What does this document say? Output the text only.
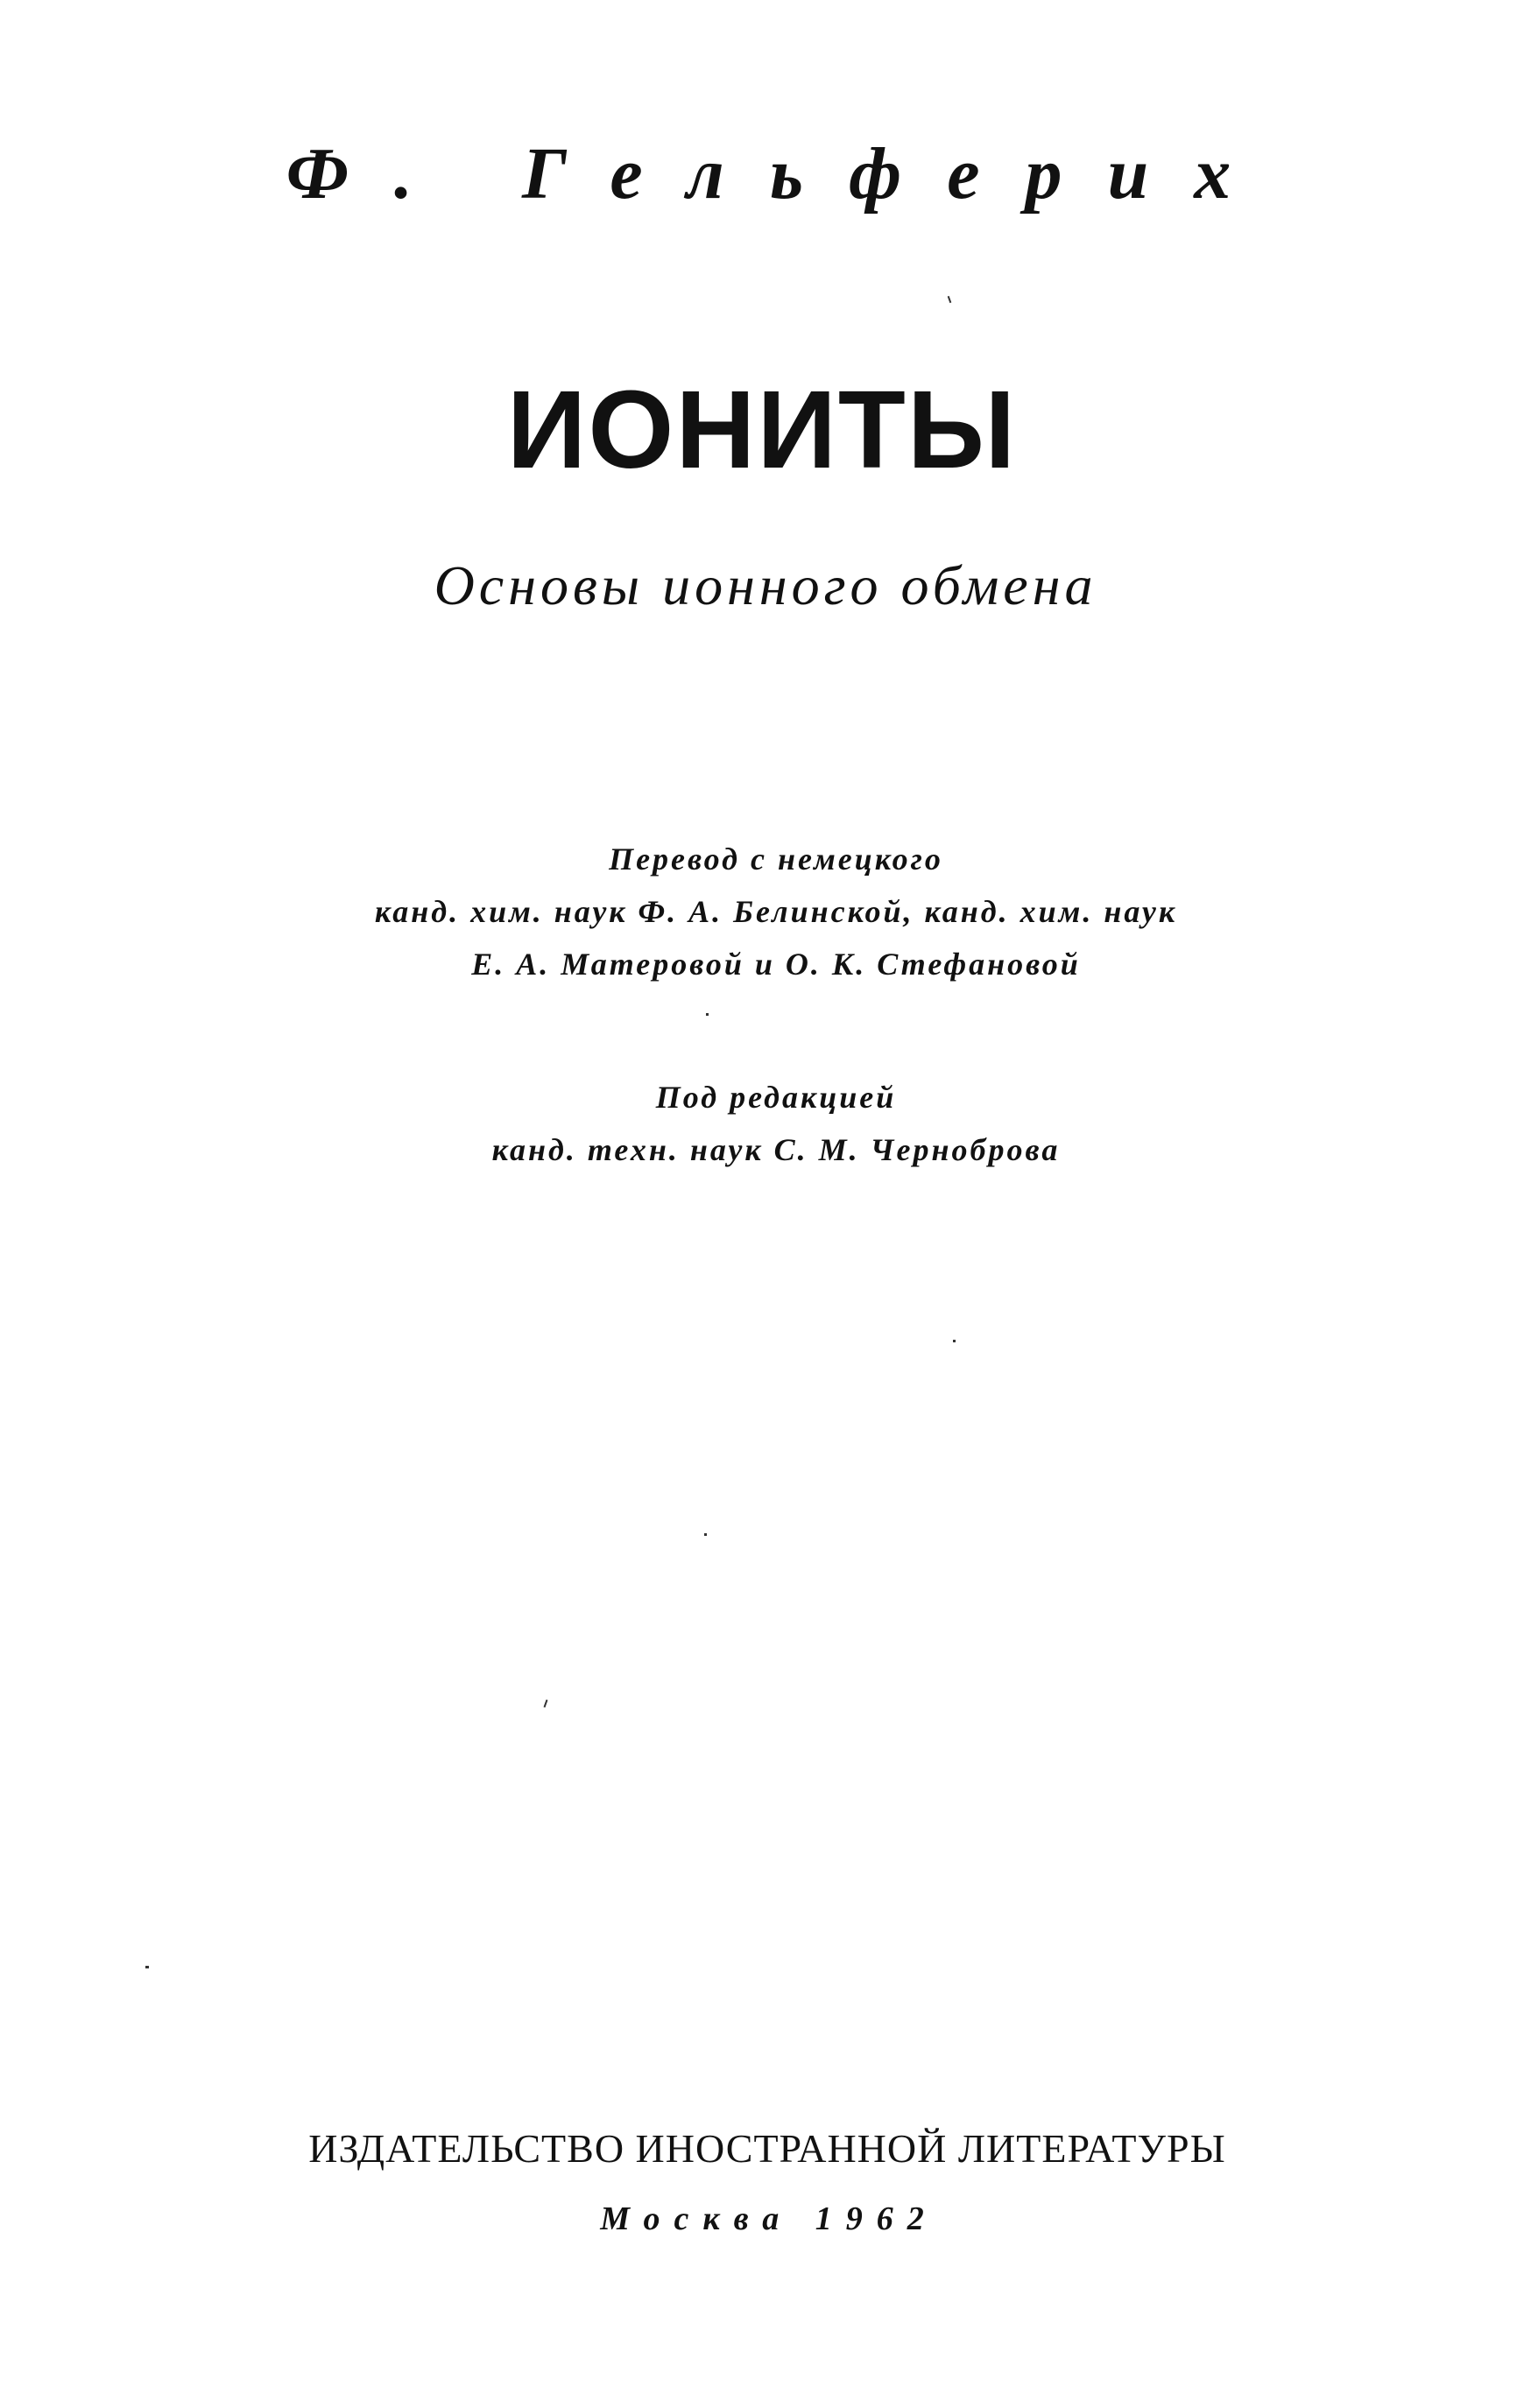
Ф. Гельферих
ИОНИТЫ
Основы ионного обмена
Перевод с немецкого
канд. хим. наук Ф. А. Белинской, канд. хим. наук
Е. А. Матеровой и О. К. Стефановой
Под редакцией
канд. техн. наук С. М. Чернοброва
ИЗДАТЕЛЬСТВО ИНОСТРАННОЙ ЛИТЕРАТУРЫ
Москва 1962
